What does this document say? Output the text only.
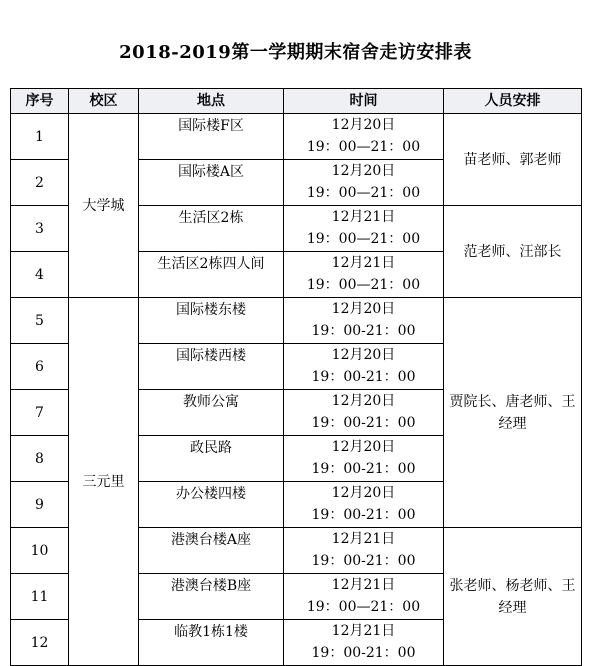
2018-2019第一学期期末宿舍走访安排表
序号	校区	地点	时间	人员安排
1	大学城	国际楼F区	12月20日
19：00—21：00	苗老师、郭老师
2		国际楼A区	12月20日
19：00—21：00	
3		生活区2栋	12月21日
19：00—21：00	范老师、汪部长
4		生活区2栋四人间	12月21日
19：00—21：00	
5	三元里	国际楼东楼	12月20日
19：00-21：00	贾院长、唐老师、王经理
6		国际楼西楼	12月20日
19：00-21：00	
7		教师公寓	12月20日
19：00-21：00	
8		政民路	12月20日
19：00-21：00	
9		办公楼四楼	12月20日
19：00-21：00	
10		港澳台楼A座	12月21日
19：00-21：00	张老师、杨老师、王经理
11		港澳台楼B座	12月21日
19：00—21：00	
12		临教1栋1楼	12月21日
19：00-21：00	
